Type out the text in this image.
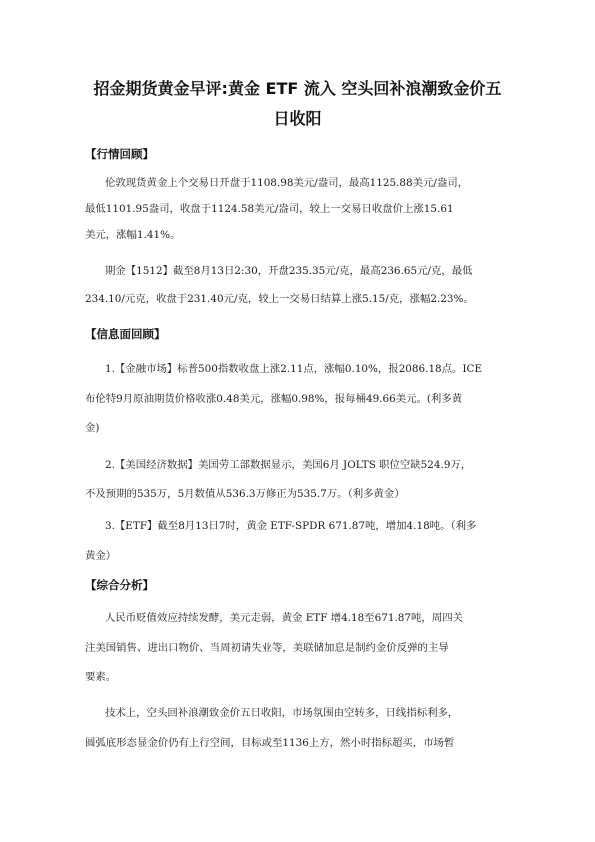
招金期货黄金早评:黄金 ETF 流入 空头回补浪潮致金价五
日收阳
【行情回顾】
伦敦现货黄金上个交易日开盘于1108.98美元/盎司，最高1125.88美元/盎司，
最低1101.95盎司，收盘于1124.58美元/盎司，较上一交易日收盘价上涨15.61
美元，涨幅1.41%。
期金【1512】截至8月13日2:30，开盘235.35元/克，最高236.65元/克，最低
234.10/元克，收盘于231.40元/克，较上一交易日结算上涨5.15/克，涨幅2.23%。
【信息面回顾】
1.【金融市场】标普500指数收盘上涨2.11点，涨幅0.10%，报2086.18点。ICE
布伦特9月原油期货价格收涨0.48美元，涨幅0.98%，报每桶49.66美元。(利多黄
金)
2.【美国经济数据】美国劳工部数据显示，美国6月 JOLTS 职位空缺524.9万，
不及预期的535万，5月数值从536.3万修正为535.7万。（利多黄金）
3.【ETF】截至8月13日7时，黄金 ETF-SPDR 671.87吨，增加4.18吨。（利多
黄金）
【综合分析】
人民币贬值效应持续发酵，美元走弱，黄金 ETF 增4.18至671.87吨，周四关
注美国销售、进出口物价、当周初请失业等，美联储加息是制约金价反弹的主导
要素。
技术上，空头回补浪潮致金价五日收阳，市场氛围由空转多，日线指标利多，
圆弧底形态显金价仍有上行空间，目标或至1136上方，然小时指标超买，市场暂
